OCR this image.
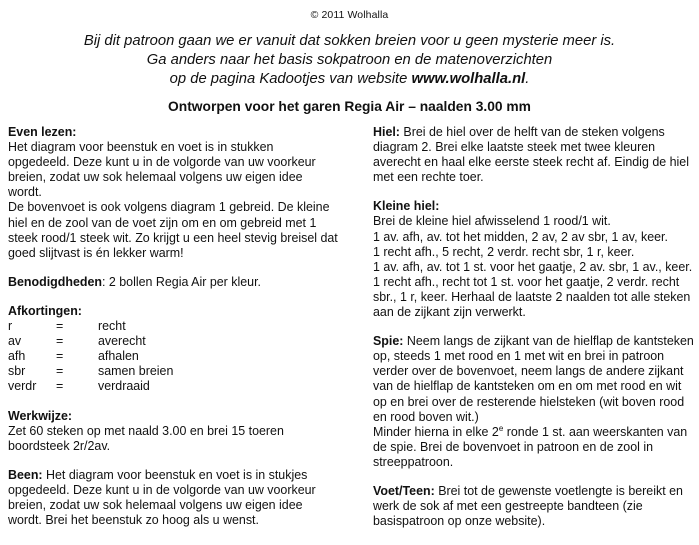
© 2011 Wolhalla
Bij dit patroon gaan we er vanuit dat sokken breien voor u geen mysterie meer is.
Ga anders naar het basis sokpatroon en de matenoverzichten
op de pagina Kadootjes van website www.wolhalla.nl.
Ontworpen voor het garen Regia Air – naalden 3.00 mm
Even lezen:
Het diagram voor beenstuk en voet is in stukken opgedeeld. Deze kunt u in de volgorde van uw voorkeur breien, zodat uw sok helemaal volgens uw eigen idee wordt.
De bovenvoet is ook volgens diagram 1 gebreid. De kleine hiel en de zool van de voet zijn om en om gebreid met 1 steek rood/1 steek wit. Zo krijgt u een heel stevig breisel dat goed slijtvast is én lekker warm!
Benodigdheden: 2 bollen Regia Air per kleur.
Afkortingen:
r	=	recht
av	=	averecht
afh	=	afhalen
sbr	=	samen breien
verdr	=	verdraaid
Werkwijze:
Zet 60 steken op met naald 3.00 en brei 15 toeren boordsteek 2r/2av.
Been: Het diagram voor beenstuk en voet is in stukjes opgedeeld. Deze kunt u in de volgorde van uw voorkeur breien, zodat uw sok helemaal volgens uw eigen idee wordt. Brei het beenstuk zo hoog als u wenst.
Hiel: Brei de hiel over de helft van de steken volgens diagram 2. Brei elke laatste steek met twee kleuren averecht en haal elke eerste steek recht af. Eindig de hiel met een rechte toer.
Kleine hiel:
Brei de kleine hiel afwisselend 1 rood/1 wit.
1 av. afh, av. tot het midden, 2 av, 2 av sbr, 1 av, keer.
1 recht afh., 5 recht, 2 verdr. recht sbr, 1 r, keer.
1 av. afh, av. tot 1 st. voor het gaatje, 2 av. sbr, 1 av., keer.
1 recht afh., recht tot 1 st. voor het gaatje, 2 verdr. recht sbr., 1 r, keer. Herhaal de laatste 2 naalden tot alle steken aan de zijkant zijn verwerkt.
Spie: Neem langs de zijkant van de hielflap de kantsteken op, steeds 1 met rood en 1 met wit en brei in patroon verder over de bovenvoet, neem langs de andere zijkant van de hielflap de kantsteken om en om met rood en wit op en brei over de resterende hielsteken (wit boven rood en rood boven wit.)
Minder hierna in elke 2e ronde 1 st. aan weerskanten van de spie. Brei de bovenvoet in patroon en de zool in streeppatroon.
Voet/Teen: Brei tot de gewenste voetlengte is bereikt en werk de sok af met een gestreepte bandteen (zie basispatroon op onze website).
